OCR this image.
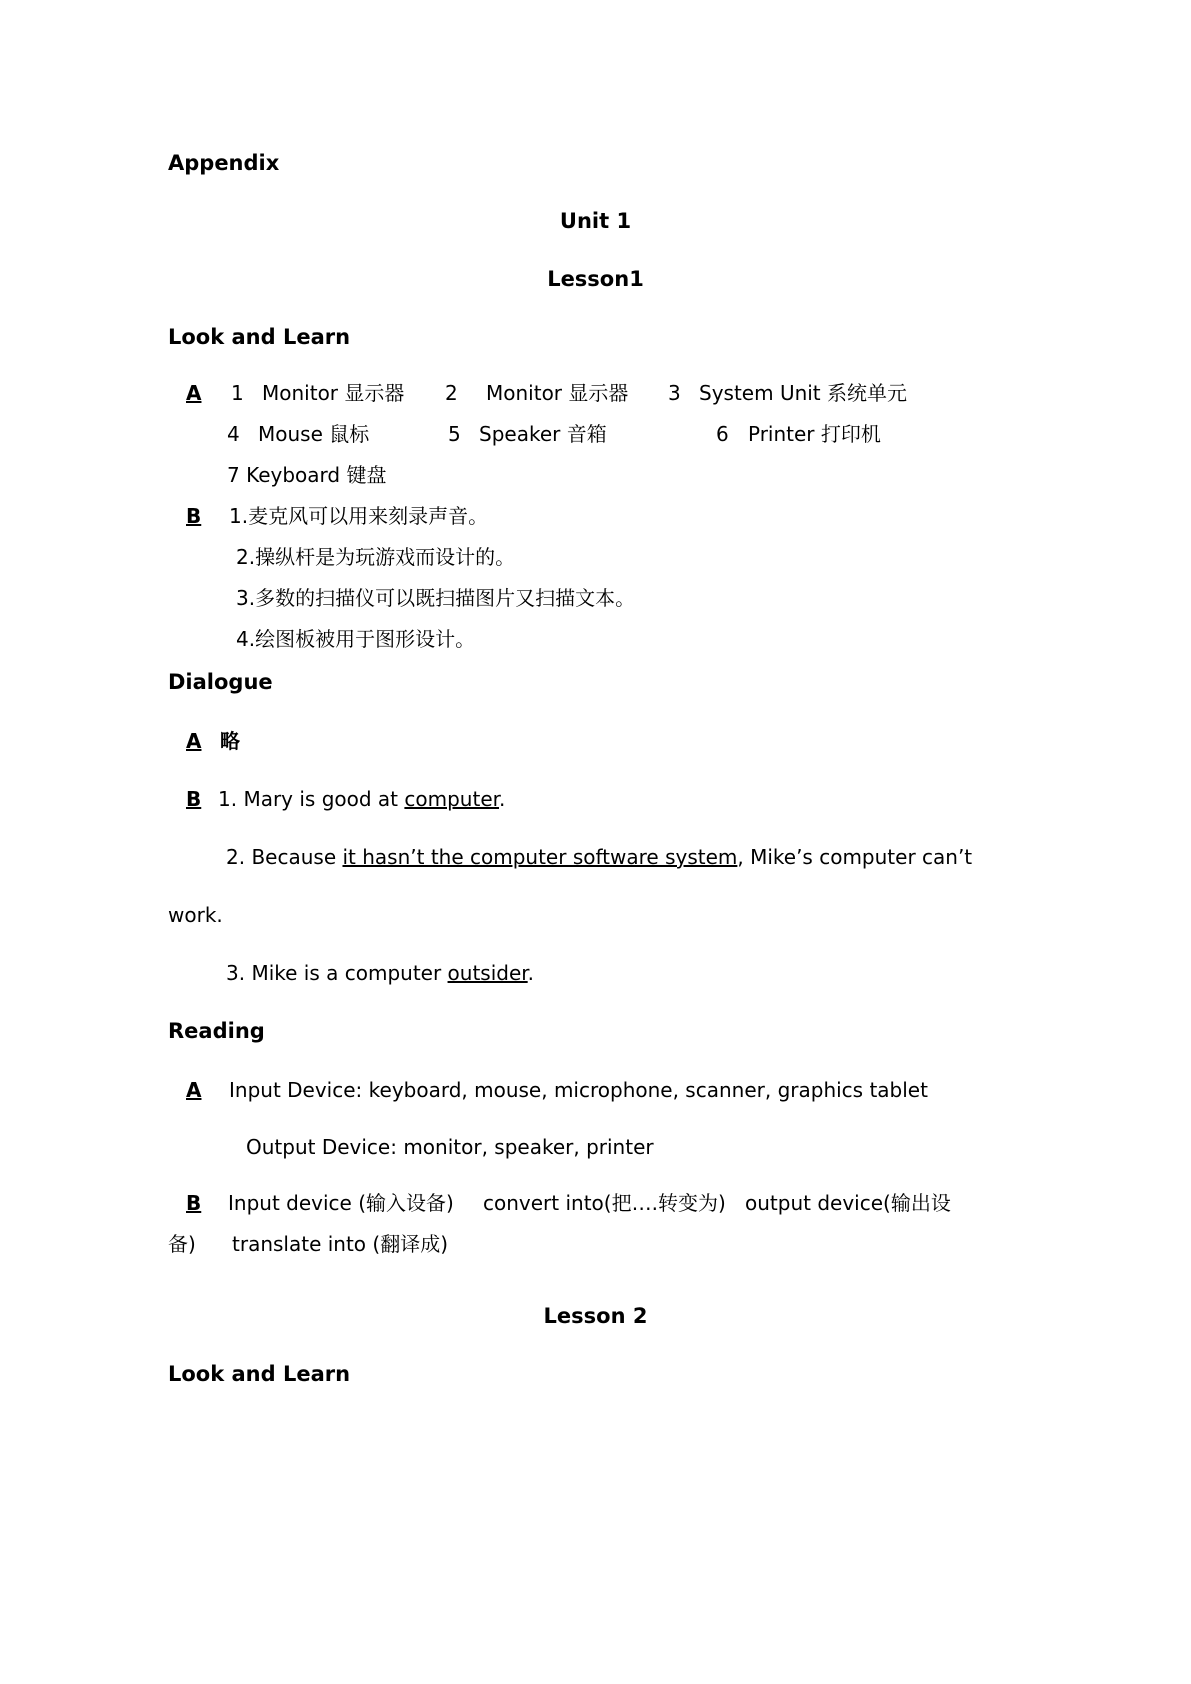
Appendix
Unit 1
Lesson1
Look and Learn
A 1 Monitor 显示器 2 Monitor 显示器 3 System Unit 系统单元
4 Mouse 鼠标	5 Speaker 音箱	6 Printer 打印机
7 Keyboard 键盘
B 1.麦克风可以用来刻录声音。
2.操纵杆是为玩游戏而设计的。
3.多数的扫描仪可以既扫描图片又扫描文本。
4.绘图板被用于图形设计。
Dialogue
A 略
B 1. Mary is good at computer.
2. Because it hasn’t the computer software system, Mike’s computer can’t
work.
3. Mike is a computer outsider.
Reading
A Input Device: keyboard, mouse, microphone, scanner, graphics tablet
Output Device: monitor, speaker, printer
B Input device (输入设备) convert into(把….转变为) output device(输出设
备) translate into (翻译成)
Lesson 2
Look and Learn
